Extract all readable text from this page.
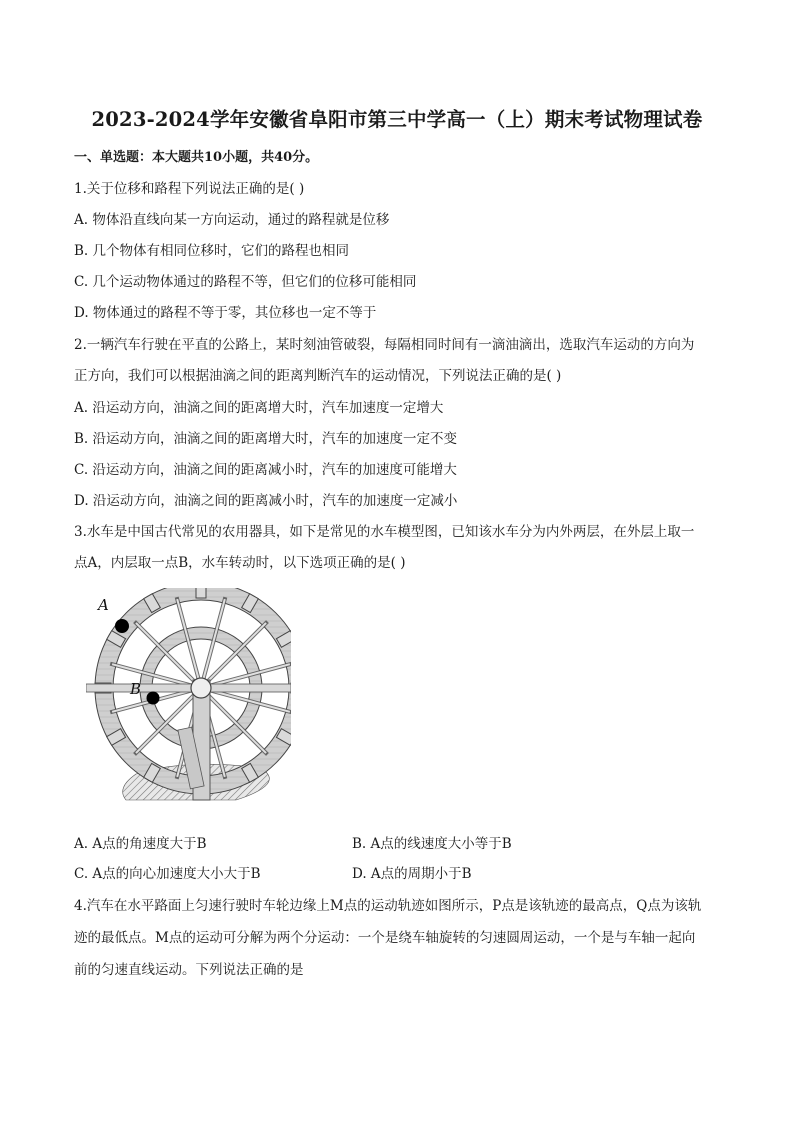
2023-2024学年安徽省阜阳市第三中学高一（上）期末考试物理试卷
一、单选题：本大题共10小题，共40分。
1.关于位移和路程下列说法正确的是( )
A. 物体沿直线向某一方向运动，通过的路程就是位移
B. 几个物体有相同位移时，它们的路程也相同
C. 几个运动物体通过的路程不等，但它们的位移可能相同
D. 物体通过的路程不等于零，其位移也一定不等于
2.一辆汽车行驶在平直的公路上，某时刻油管破裂，每隔相同时间有一滴油滴出，选取汽车运动的方向为
正方向，我们可以根据油滴之间的距离判断汽车的运动情况，下列说法正确的是( )
A. 沿运动方向，油滴之间的距离增大时，汽车加速度一定增大
B. 沿运动方向，油滴之间的距离增大时，汽车的加速度一定不变
C. 沿运动方向，油滴之间的距离减小时，汽车的加速度可能增大
D. 沿运动方向，油滴之间的距离减小时，汽车的加速度一定减小
3.水车是中国古代常见的农用器具，如下是常见的水车模型图，已知该水车分为内外两层，在外层上取一
点A，内层取一点B，水车转动时，以下选项正确的是( )
A
B
A. A点的角速度大于B	B. A点的线速度大小等于B
C. A点的向心加速度大小大于B	D. A点的周期小于B
4.汽车在水平路面上匀速行驶时车轮边缘上M点的运动轨迹如图所示，P点是该轨迹的最高点，Q点为该轨
迹的最低点。M点的运动可分解为两个分运动：一个是绕车轴旋转的匀速圆周运动，一个是与车轴一起向
前的匀速直线运动。下列说法正确的是
